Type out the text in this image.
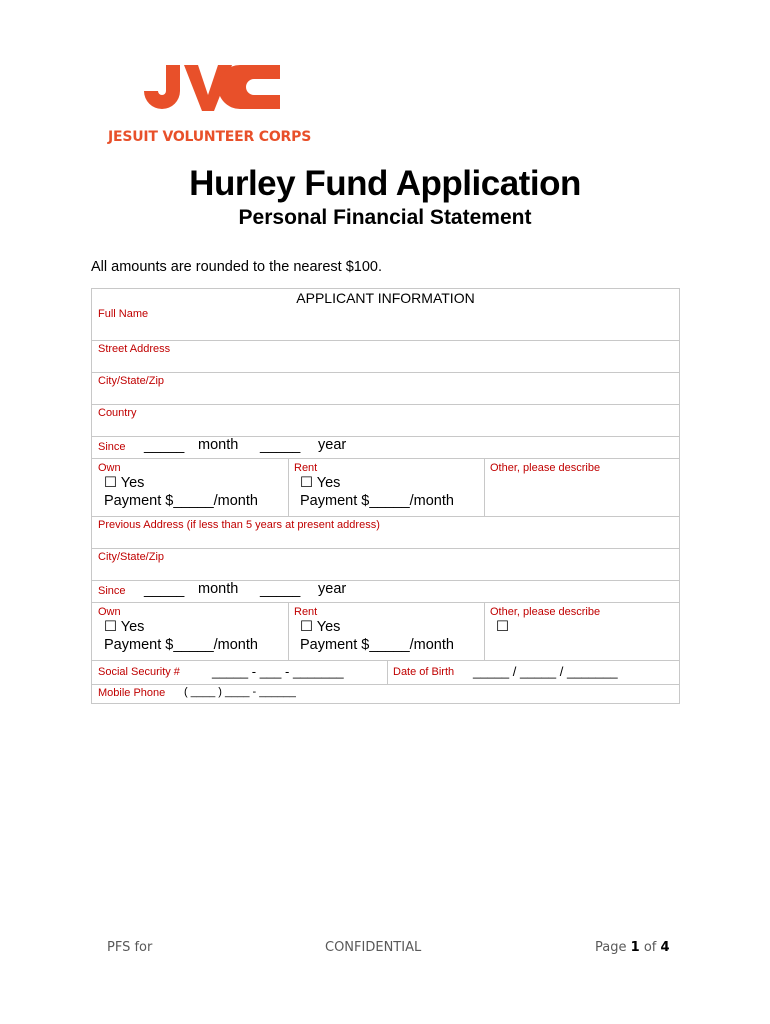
JESUIT VOLUNTEER CORPS
Hurley Fund Application
Personal Financial Statement
All amounts are rounded to the nearest $100.
APPLICANT INFORMATION
Full Name
Street Address
City/State/Zip
Country
Since _____ month _____ year
Own
☐ Yes
Payment $_____/month
Rent
☐ Yes
Payment $_____/month
Other, please describe
Previous Address (if less than 5 years at present address)
City/State/Zip
Since _____ month _____ year
Own
☐ Yes
Payment $_____/month
Rent
☐ Yes
Payment $_____/month
Other, please describe
☐
Social Security # _____ - ___ - _______	Date of Birth _____ / _____ / _______
Mobile Phone ( ____ ) ____ - ______
PFS for	CONFIDENTIAL	Page 1 of 4
